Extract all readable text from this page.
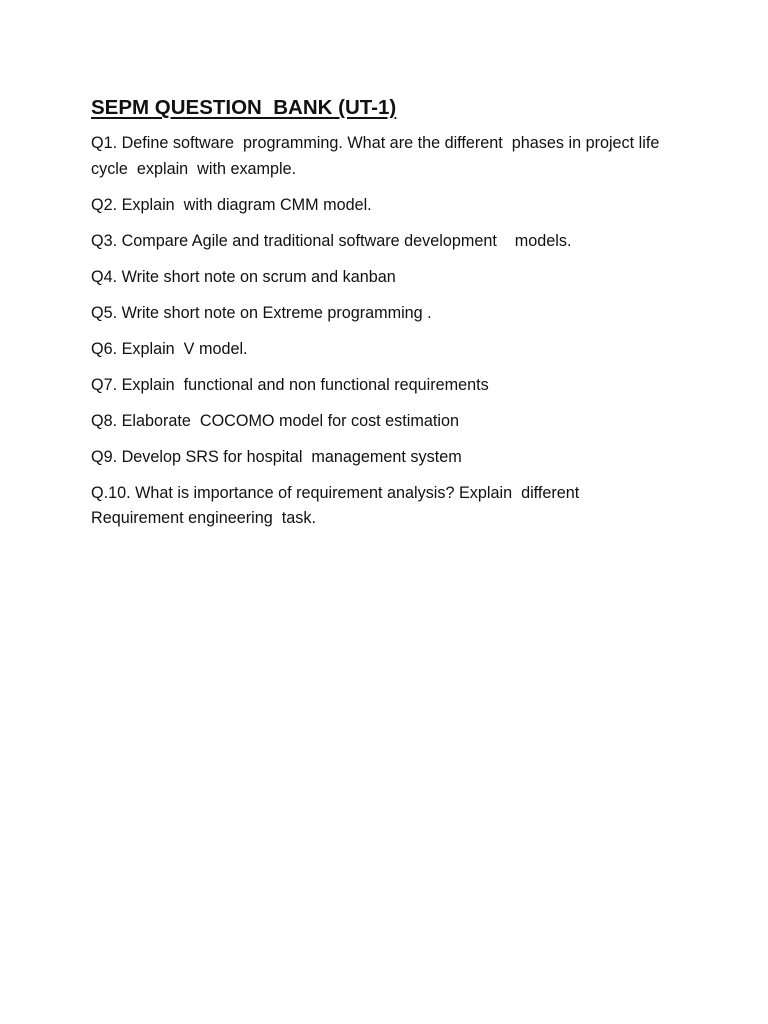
SEPM QUESTION  BANK (UT-1)
Q1. Define software  programming. What are the different  phases in project life cycle  explain  with example.
Q2. Explain  with diagram CMM model.
Q3. Compare Agile and traditional software development    models.
Q4. Write short note on scrum and kanban
Q5. Write short note on Extreme programming .
Q6. Explain  V model.
Q7. Explain  functional and non functional requirements
Q8. Elaborate  COCOMO model for cost estimation
Q9. Develop SRS for hospital  management system
Q.10. What is importance of requirement analysis? Explain  different Requirement engineering  task.
